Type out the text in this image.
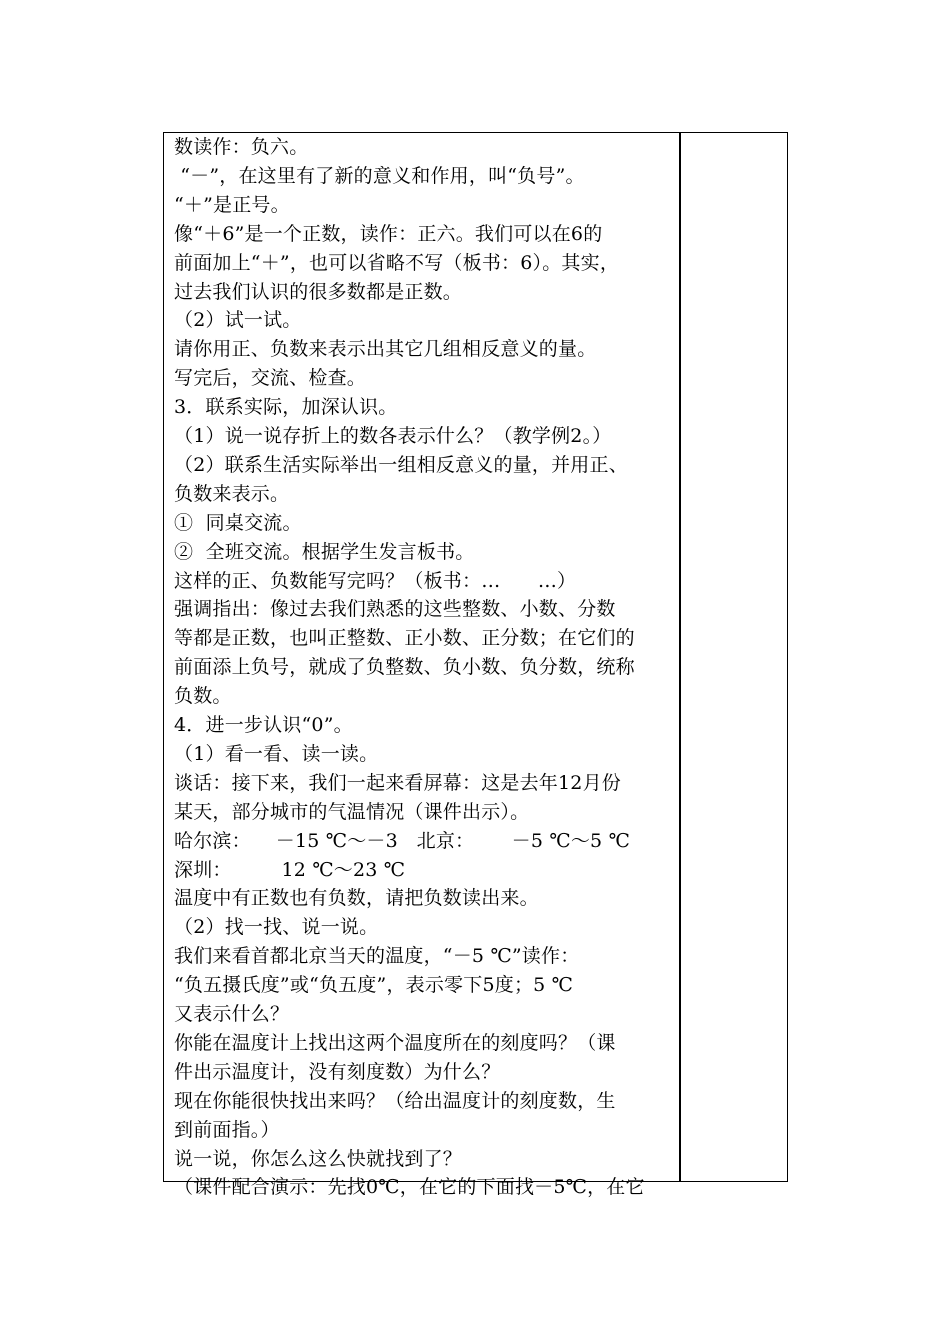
数读作：负六。
“－”，在这里有了新的意义和作用，叫“负号”。
“＋”是正号。
像“＋6”是一个正数，读作：正六。我们可以在6的
前面加上“＋”，也可以省略不写（板书：6）。其实，
过去我们认识的很多数都是正数。
（2）试一试。
请你用正、负数来表示出其它几组相反意义的量。
写完后，交流、检查。
3．联系实际，加深认识。
（1）说一说存折上的数各表示什么？（教学例2。）
（2）联系生活实际举出一组相反意义的量，并用正、
负数来表示。
①  同桌交流。
②  全班交流。根据学生发言板书。
这样的正、负数能写完吗？（板书：…      …）
强调指出：像过去我们熟悉的这些整数、小数、分数
等都是正数，也叫正整数、正小数、正分数；在它们的
前面添上负号，就成了负整数、负小数、负分数，统称
负数。
4．进一步认识“0”。
（1）看一看、读一读。
谈话：接下来，我们一起来看屏幕：这是去年12月份
某天，部分城市的气温情况（课件出示）。
哈尔滨：    －15 ℃～－3   北京：      －5 ℃～5 ℃
深圳：        12 ℃～23 ℃
温度中有正数也有负数，请把负数读出来。
（2）找一找、说一说。
我们来看首都北京当天的温度，“－5 ℃”读作：
“负五摄氏度”或“负五度”，表示零下5度；5 ℃
又表示什么？
你能在温度计上找出这两个温度所在的刻度吗？（课
件出示温度计，没有刻度数）为什么？
现在你能很快找出来吗？（给出温度计的刻度数，生
到前面指。）
说一说，你怎么这么快就找到了？
（课件配合演示：先找0℃，在它的下面找－5℃，在它
